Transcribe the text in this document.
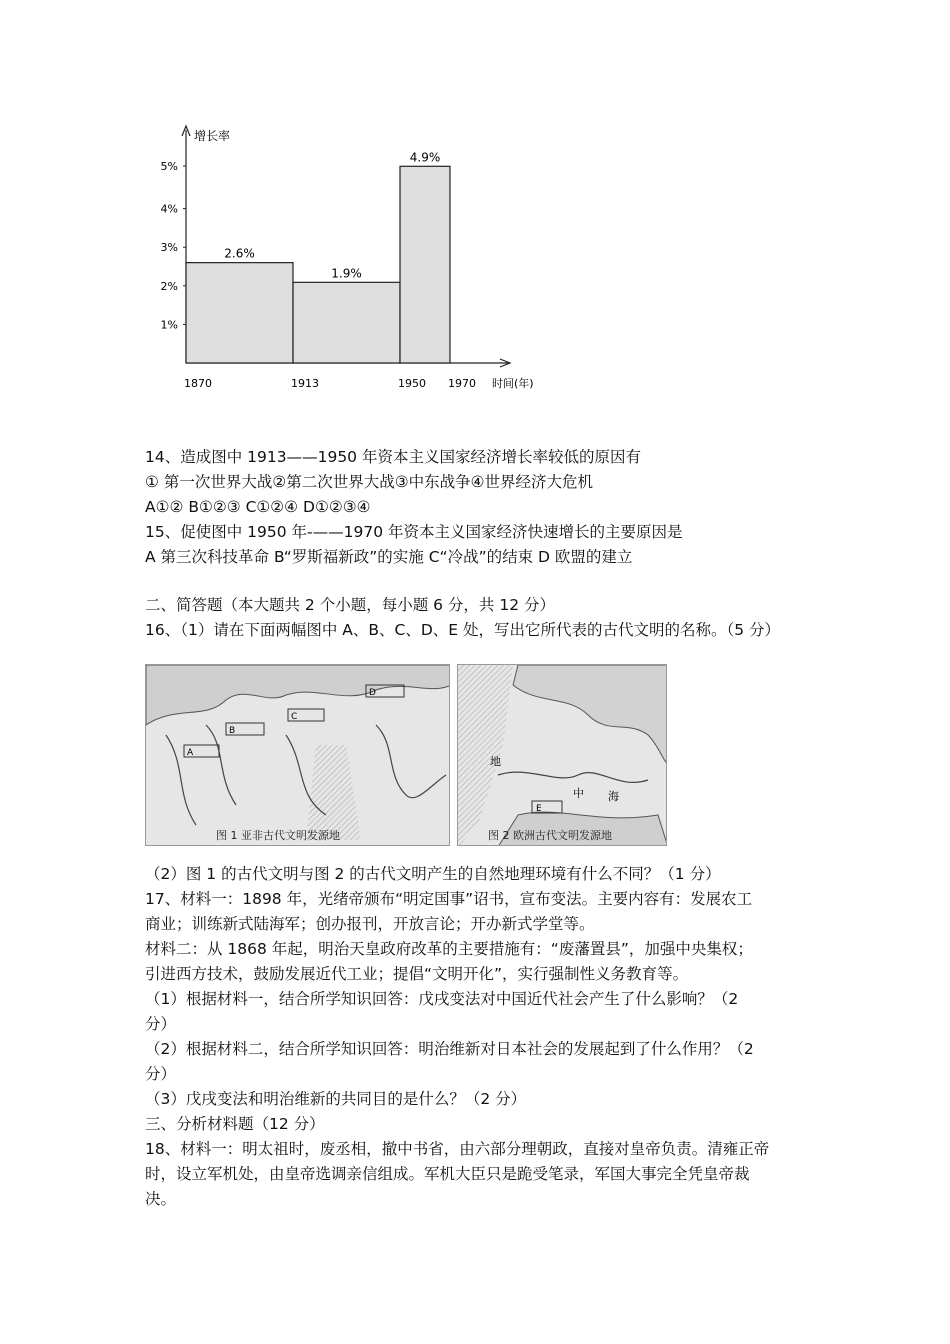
增长率
1%
2%
3%
4%
5%
1870	1913	1950 1970 时间(年)
2.6%
1.9%
4.9%
14、造成图中 1913——1950 年资本主义国家经济增长率较低的原因有
① 第一次世界大战②第二次世界大战③中东战争④世界经济大危机
A①② B①②③ C①②④ D①②③④
15、促使图中 1950 年-——1970 年资本主义国家经济快速增长的主要原因是
A 第三次科技革命 B“罗斯福新政”的实施 C“冷战”的结束 D 欧盟的建立
二、简答题（本大题共 2 个小题，每小题 6 分，共 12 分）
16、（1）请在下面两幅图中 A、B、C、D、E 处，写出它所代表的古代文明的名称。（5 分）
A
B
C
D
图 1 亚非古代文明发源地
E
地
中 海
图 2 欧洲古代文明发源地
（2）图 1 的古代文明与图 2 的古代文明产生的自然地理环境有什么不同？（1 分）
17、材料一：1898 年，光绪帝颁布“明定国事”诏书，宣布变法。主要内容有：发展农工
商业；训练新式陆海军；创办报刊，开放言论；开办新式学堂等。
材料二：从 1868 年起，明治天皇政府改革的主要措施有：“废藩置县”，加强中央集权；
引进西方技术，鼓励发展近代工业；提倡“文明开化”，实行强制性义务教育等。
（1）根据材料一，结合所学知识回答：戊戌变法对中国近代社会产生了什么影响？（2
分）
（2）根据材料二，结合所学知识回答：明治维新对日本社会的发展起到了什么作用？（2
分）
（3）戊戌变法和明治维新的共同目的是什么？（2 分）
三、分析材料题（12 分）
18、材料一：明太祖时，废丞相，撤中书省，由六部分理朝政，直接对皇帝负责。清雍正帝
时，设立军机处，由皇帝选调亲信组成。军机大臣只是跪受笔录，军国大事完全凭皇帝裁
决。
